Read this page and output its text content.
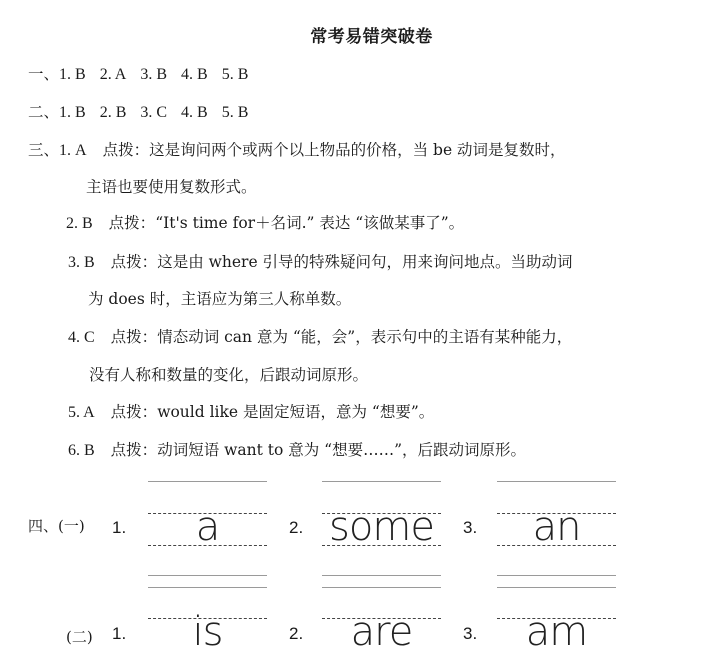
常考易错突破卷
一、1. B 2. A 3. B 4. B 5. B
二、1. B 2. B 3. C 4. B 5. B
三、1. A 点拨：这是询问两个或两个以上物品的价格，当 be 动词是复数时，
主语也要使用复数形式。
2. B 点拨：“It's time for＋名词.” 表达 “该做某事了”。
3. B 点拨：这是由 where 引导的特殊疑问句，用来询问地点。当助动词
为 does 时，主语应为第三人称单数。
4. C 点拨：情态动词 can 意为 “能，会”，表示句中的主语有某种能力，
没有人称和数量的变化，后跟动词原形。
5. A 点拨：would like 是固定短语，意为 “想要”。
6. B 点拨：动词短语 want to 意为 “想要……”，后跟动词原形。
四、(一) 1.	a	2. some	3.	an
(二) 1.	is	2.	are	3.	am
